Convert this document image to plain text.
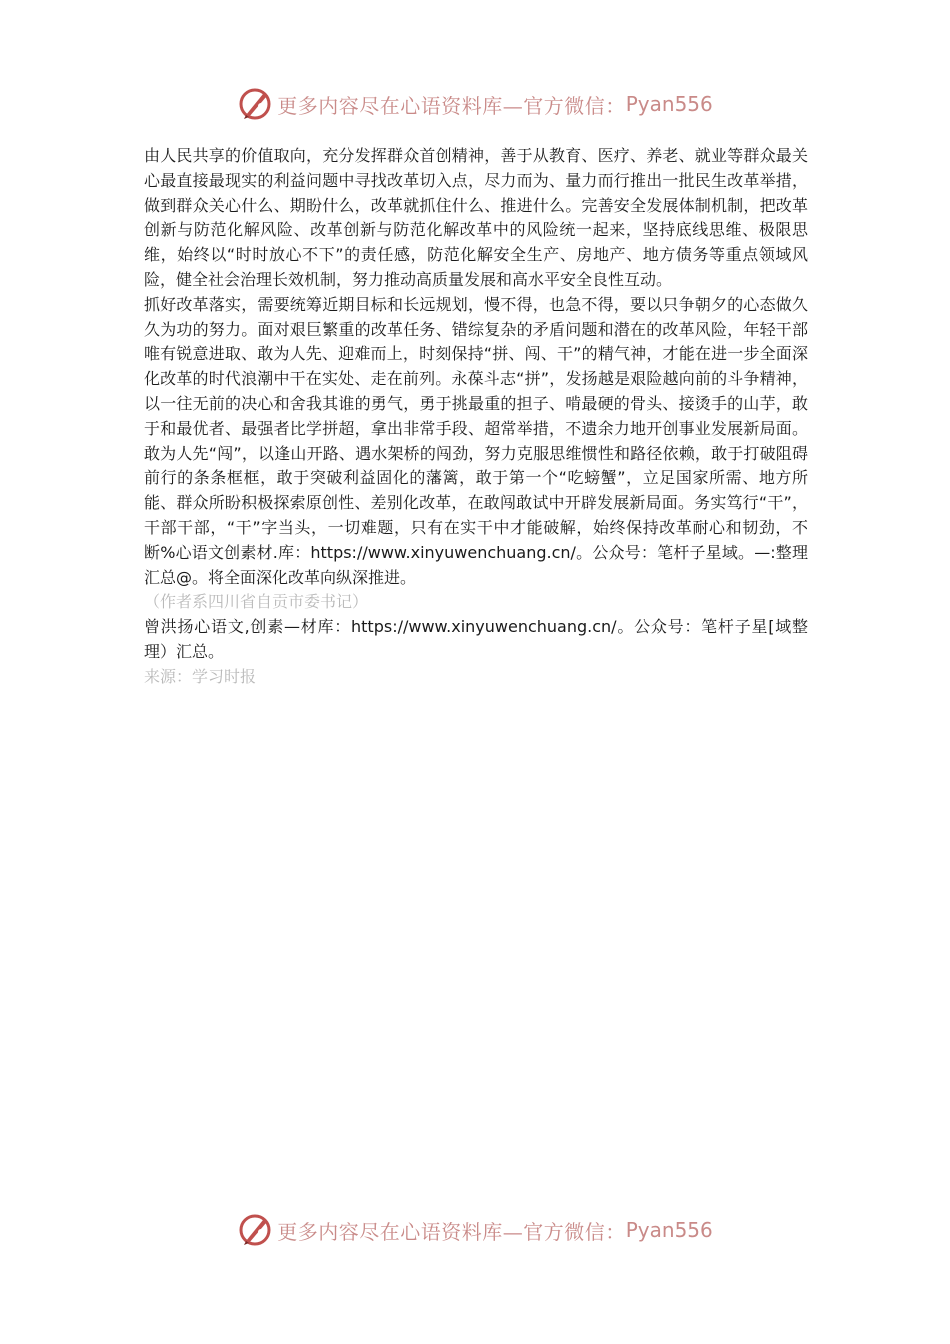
更多内容尽在心语资料库—官方微信： Pyan556

由人民共享的价值取向，充分发挥群众首创精神，善于从教育、医疗、养老、就业等群众最关心最直接最现实的利益问题中寻找改革切入点，尽力而为、量力而行推出一批民生改革举措，做到群众关心什么、期盼什么，改革就抓住什么、推进什么。完善安全发展体制机制，把改革创新与防范化解风险、改革创新与防范化解改革中的风险统一起来，坚持底线思维、极限思维，始终以“时时放心不下”的责任感，防范化解安全生产、房地产、地方债务等重点领域风险，健全社会治理长效机制，努力推动高质量发展和高水平安全良性互动。

抓好改革落实，需要统筹近期目标和长远规划，慢不得，也急不得，要以只争朝夕的心态做久久为功的努力。面对艰巨繁重的改革任务、错综复杂的矛盾问题和潜在的改革风险，年轻干部唯有锐意进取、敢为人先、迎难而上，时刻保持“拼、闯、干”的精气神，才能在进一步全面深化改革的时代浪潮中干在实处、走在前列。永葆斗志“拼”，发扬越是艰险越向前的斗争精神，以一往无前的决心和舍我其谁的勇气，勇于挑最重的担子、啃最硬的骨头、接烫手的山芋，敢于和最优者、最强者比学拼超，拿出非常手段、超常举措，不遗余力地开创事业发展新局面。敢为人先“闯”，以逢山开路、遇水架桥的闯劲，努力克服思维惯性和路径依赖，敢于打破阻碍前行的条条框框，敢于突破利益固化的藩篱，敢于第一个“吃螃蟹”，立足国家所需、地方所能、群众所盼积极探索原创性、差别化改革，在敢闯敢试中开辟发展新局面。务实笃行“干”，干部干部，“干”字当头，一切难题，只有在实干中才能破解，始终保持改革耐心和韧劲，不断%心语文创素材.库：https://www.xinyuwenchuang.cn/。公众号：笔杆子星域。—:整理汇总@。将全面深化改革向纵深推进。

（作者系四川省自贡市委书记）

曾洪扬心语文,创素—材库：https://www.xinyuwenchuang.cn/。公众号：笔杆子星[域整理）汇总。

来源：学习时报

更多内容尽在心语资料库—官方微信： Pyan556
